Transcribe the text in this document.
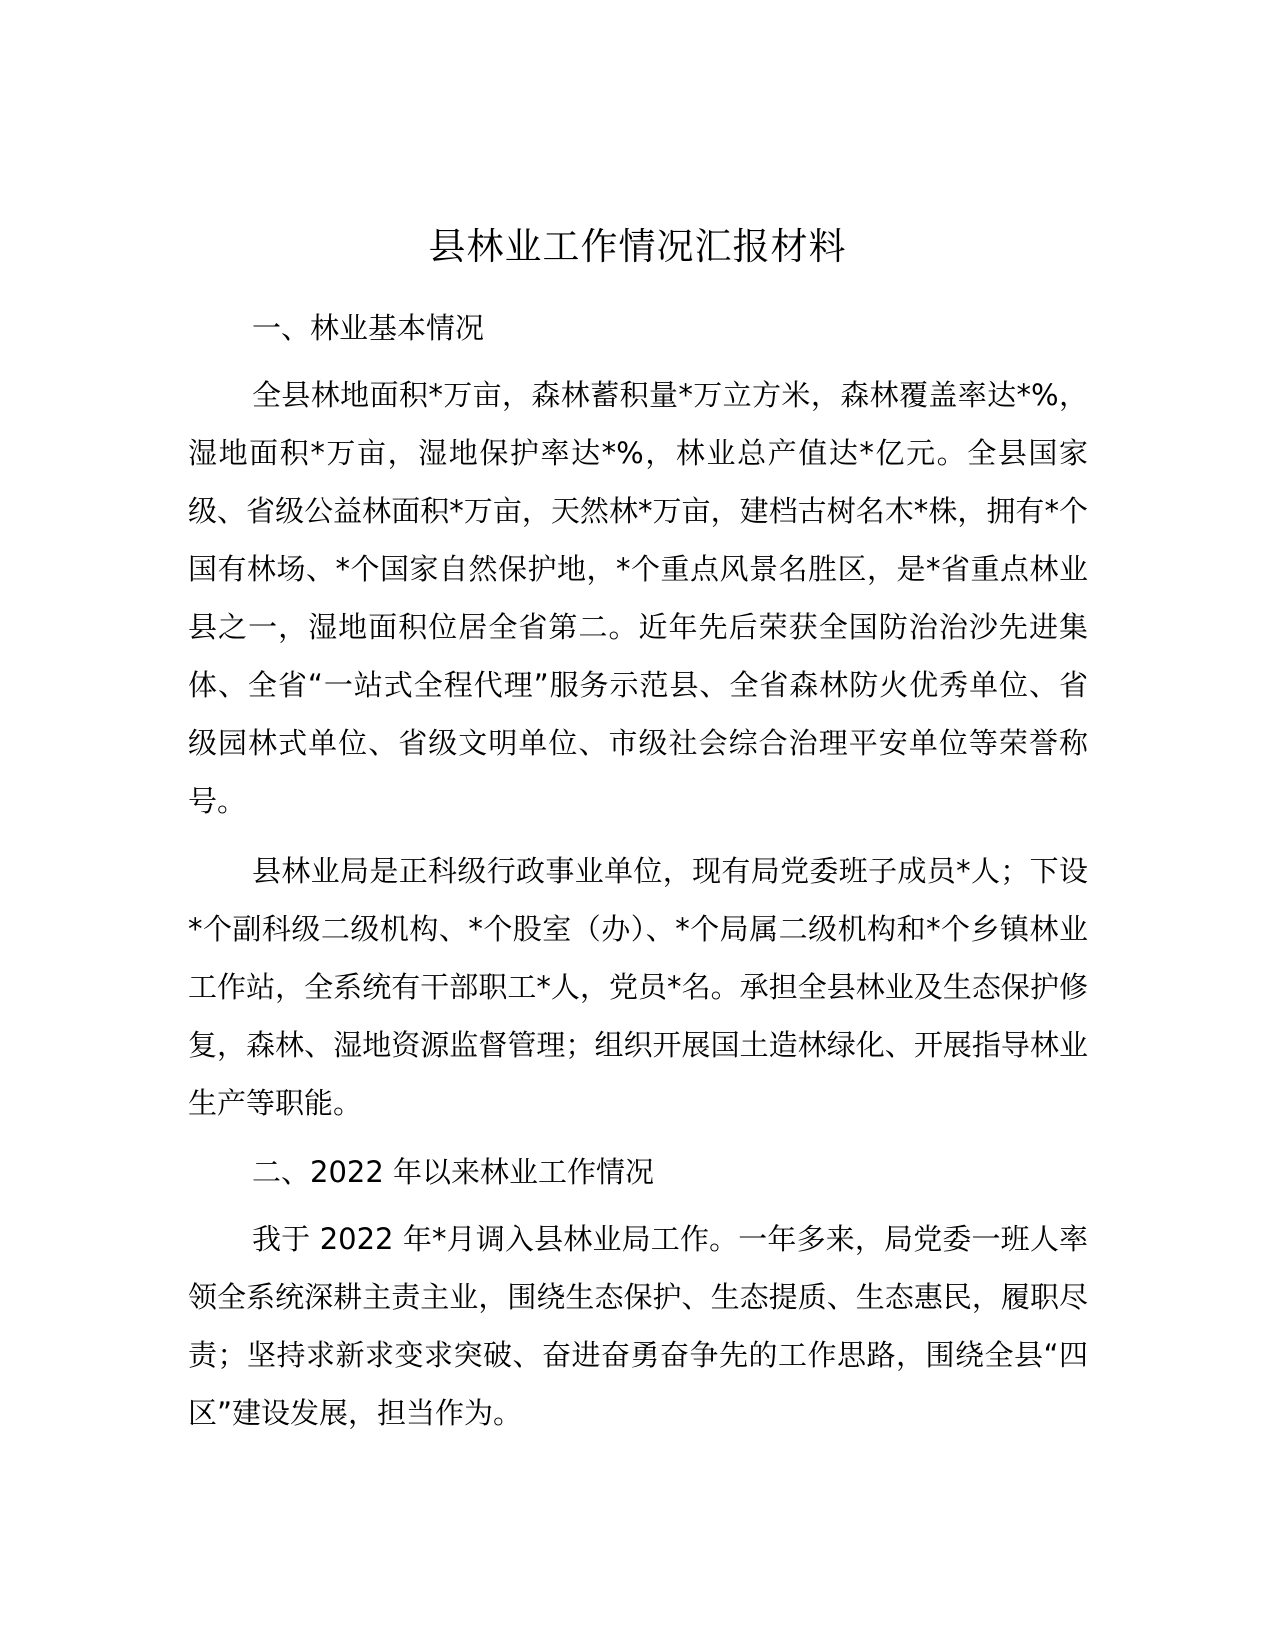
县林业工作情况汇报材料

一、林业基本情况

全县林地面积*万亩，森林蓄积量*万立方米，森林覆盖率达*%，湿地面积*万亩，湿地保护率达*%，林业总产值达*亿元。全县国家级、省级公益林面积*万亩，天然林*万亩，建档古树名木*株，拥有*个国有林场、*个国家自然保护地，*个重点风景名胜区，是*省重点林业县之一，湿地面积位居全省第二。近年先后荣获全国防治治沙先进集体、全省“一站式全程代理”服务示范县、全省森林防火优秀单位、省级园林式单位、省级文明单位、市级社会综合治理平安单位等荣誉称号。

县林业局是正科级行政事业单位，现有局党委班子成员*人；下设*个副科级二级机构、*个股室（办）、*个局属二级机构和*个乡镇林业工作站，全系统有干部职工*人，党员*名。承担全县林业及生态保护修复，森林、湿地资源监督管理；组织开展国土造林绿化、开展指导林业生产等职能。

二、2022 年以来林业工作情况

我于 2022 年*月调入县林业局工作。一年多来，局党委一班人率领全系统深耕主责主业，围绕生态保护、生态提质、生态惠民，履职尽责；坚持求新求变求突破、奋进奋勇奋争先的工作思路，围绕全县“四区”建设发展，担当作为。
